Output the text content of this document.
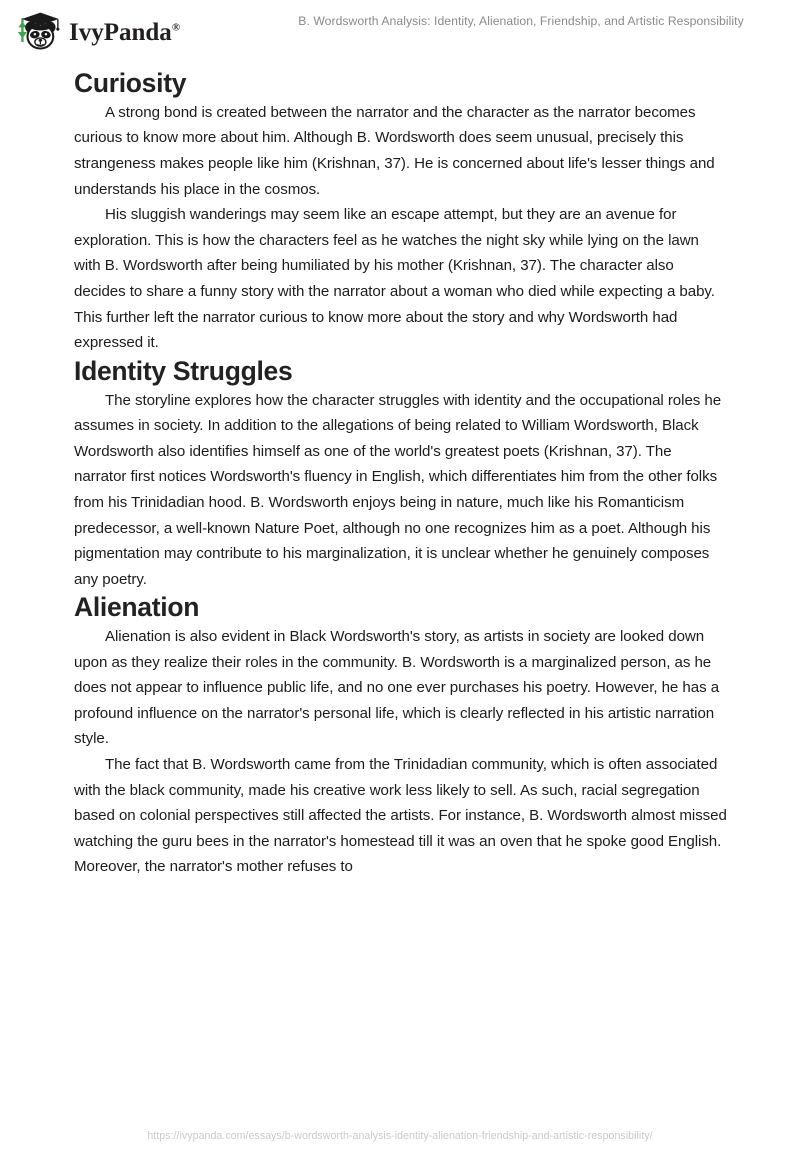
IvyPanda®	B. Wordsworth Analysis: Identity, Alienation, Friendship, and Artistic Responsibility
Curiosity

A strong bond is created between the narrator and the character as the narrator becomes curious to know more about him. Although B. Wordsworth does seem unusual, precisely this strangeness makes people like him (Krishnan, 37). He is concerned about life's lesser things and understands his place in the cosmos.

His sluggish wanderings may seem like an escape attempt, but they are an avenue for exploration. This is how the characters feel as he watches the night sky while lying on the lawn with B. Wordsworth after being humiliated by his mother (Krishnan, 37). The character also decides to share a funny story with the narrator about a woman who died while expecting a baby. This further left the narrator curious to know more about the story and why Wordsworth had expressed it.

Identity Struggles

The storyline explores how the character struggles with identity and the occupational roles he assumes in society. In addition to the allegations of being related to William Wordsworth, Black Wordsworth also identifies himself as one of the world's greatest poets (Krishnan, 37). The narrator first notices Wordsworth's fluency in English, which differentiates him from the other folks from his Trinidadian hood. B. Wordsworth enjoys being in nature, much like his Romanticism predecessor, a well-known Nature Poet, although no one recognizes him as a poet. Although his pigmentation may contribute to his marginalization, it is unclear whether he genuinely composes any poetry.

Alienation

Alienation is also evident in Black Wordsworth's story, as artists in society are looked down upon as they realize their roles in the community. B. Wordsworth is a marginalized person, as he does not appear to influence public life, and no one ever purchases his poetry. However, he has a profound influence on the narrator's personal life, which is clearly reflected in his artistic narration style.

The fact that B. Wordsworth came from the Trinidadian community, which is often associated with the black community, made his creative work less likely to sell. As such, racial segregation based on colonial perspectives still affected the artists. For instance, B. Wordsworth almost missed watching the guru bees in the narrator's homestead till it was an oven that he spoke good English. Moreover, the narrator's mother refuses to

https://ivypanda.com/essays/b-wordsworth-analysis-identity-alienation-friendship-and-artistic-responsibility/
